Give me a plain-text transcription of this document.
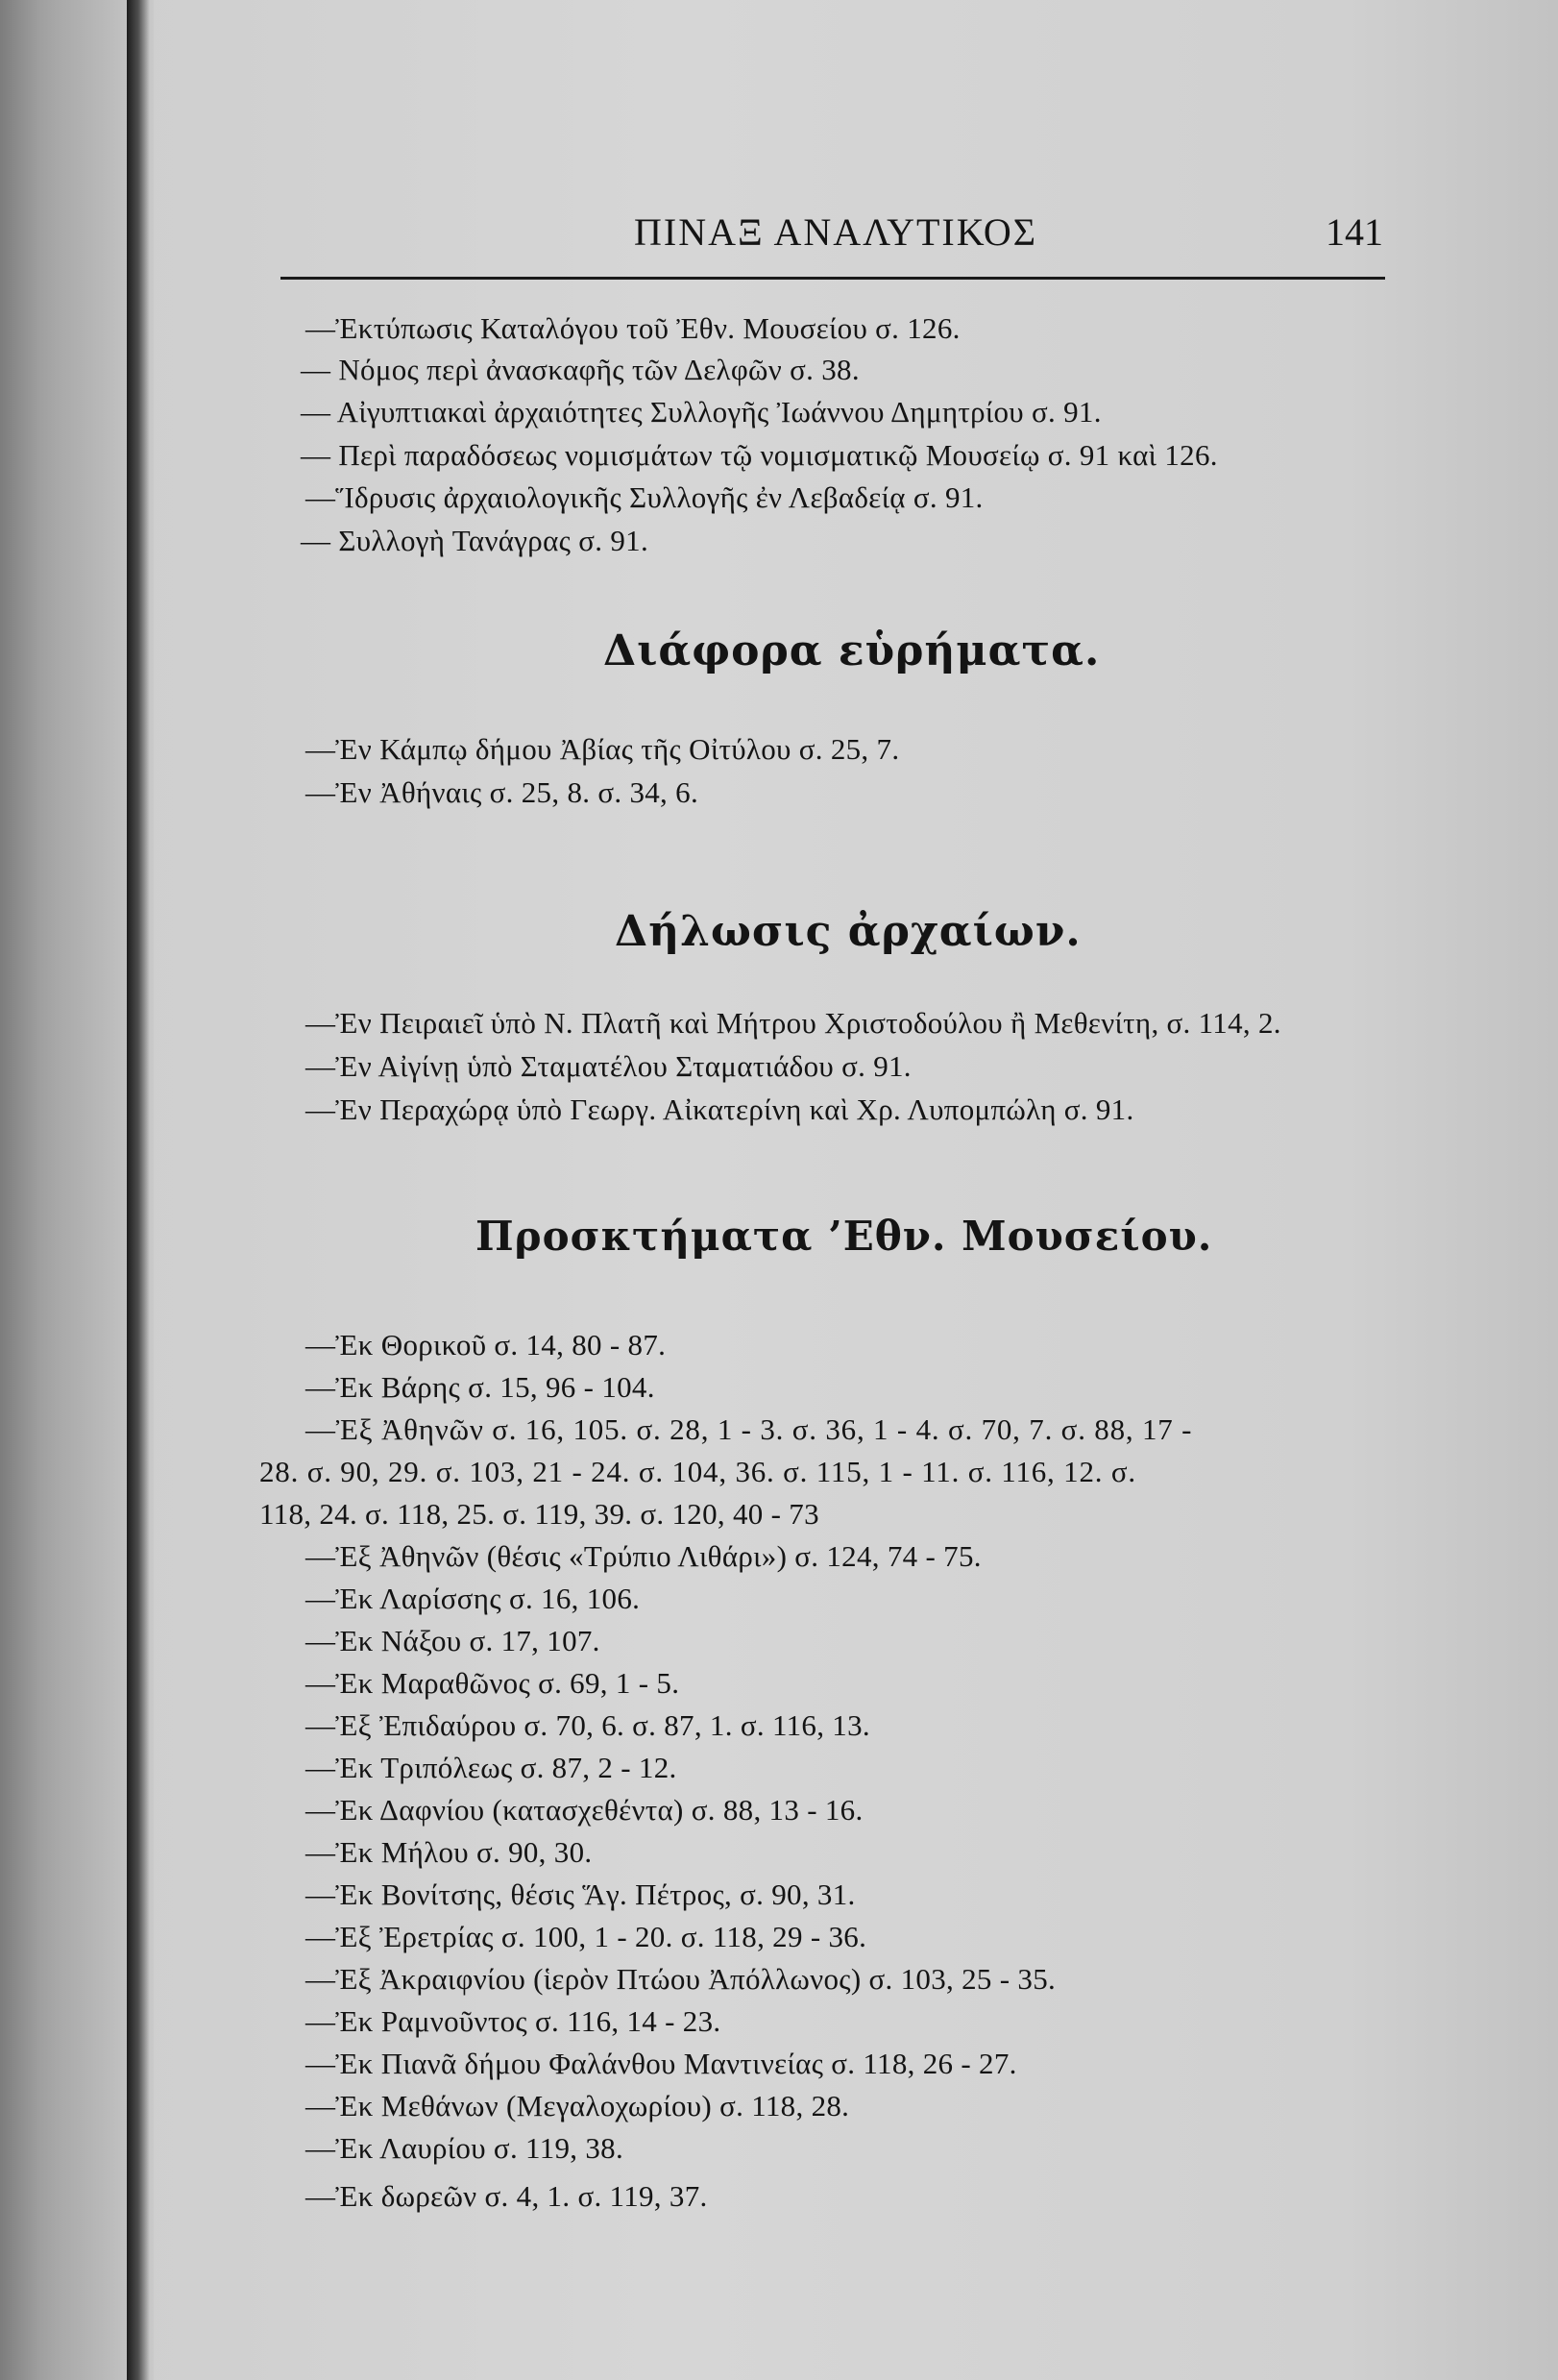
ΠΙΝΑΞ ΑΝΑΛΥΤΙΚΟΣ	141
—Ἐκτύπωσις Καταλόγου τοῦ Ἐθν. Μουσείου σ. 126.
— Νόμος περὶ ἀνασκαφῆς τῶν Δελφῶν σ. 38.
— Αἰγυπτιακαὶ ἀρχαιότητες Συλλογῆς Ἰωάννου Δημητρίου σ. 91.
— Περὶ παραδόσεως νομισμάτων τῷ νομισματικῷ Μουσείῳ σ. 91 καὶ 126.
—Ἵδρυσις ἀρχαιολογικῆς Συλλογῆς ἐν Λεβαδείᾳ σ. 91.
— Συλλογὴ Τανάγρας σ. 91.
Διάφορα εὑρήματα.
—Ἐν Κάμπῳ δήμου Ἀβίας τῆς Οἰτύλου σ. 25, 7.
—Ἐν Ἀθήναις σ. 25, 8. σ. 34, 6.
Δήλωσις ἀρχαίων.
—Ἐν Πειραιεῖ ὑπὸ Ν. Πλατῆ καὶ Μήτρου Χριστοδούλου ἢ Μεθενίτη, σ. 114, 2.
—Ἐν Αἰγίνῃ ὑπὸ Σταματέλου Σταματιάδου σ. 91.
—Ἐν Περαχώρᾳ ὑπὸ Γεωργ. Αἰκατερίνη καὶ Χρ. Λυπομπώλη σ. 91.
Προσκτήματα ’Εθν. Μουσείου.
—Ἐκ Θορικοῦ σ. 14, 80 - 87.
—Ἐκ Βάρης σ. 15, 96 - 104.
—Ἐξ Ἀθηνῶν σ. 16, 105. σ. 28, 1 - 3. σ. 36, 1 - 4. σ. 70, 7. σ. 88, 17 -
28. σ. 90, 29. σ. 103, 21 - 24. σ. 104, 36. σ. 115, 1 - 11. σ. 116, 12. σ.
118, 24. σ. 118, 25. σ. 119, 39. σ. 120, 40 - 73
—Ἐξ Ἀθηνῶν (θέσις «Τρύπιο Λιθάρι») σ. 124, 74 - 75.
—Ἐκ Λαρίσσης σ. 16, 106.
—Ἐκ Νάξου σ. 17, 107.
—Ἐκ Μαραθῶνος σ. 69, 1 - 5.
—Ἐξ Ἐπιδαύρου σ. 70, 6. σ. 87, 1. σ. 116, 13.
—Ἐκ Τριπόλεως σ. 87, 2 - 12.
—Ἐκ Δαφνίου (κατασχεθέντα) σ. 88, 13 - 16.
—Ἐκ Μήλου σ. 90, 30.
—Ἐκ Βονίτσης, θέσις Ἅγ. Πέτρος, σ. 90, 31.
—Ἐξ Ἐρετρίας σ. 100, 1 - 20. σ. 118, 29 - 36.
—Ἐξ Ἀκραιφνίου (ἱερὸν Πτώου Ἀπόλλωνος) σ. 103, 25 - 35.
—Ἐκ Ραμνοῦντος σ. 116, 14 - 23.
—Ἐκ Πιανᾶ δήμου Φαλάνθου Μαντινείας σ. 118, 26 - 27.
—Ἐκ Μεθάνων (Μεγαλοχωρίου) σ. 118, 28.
—Ἐκ Λαυρίου σ. 119, 38.
—Ἐκ δωρεῶν σ. 4, 1. σ. 119, 37.
